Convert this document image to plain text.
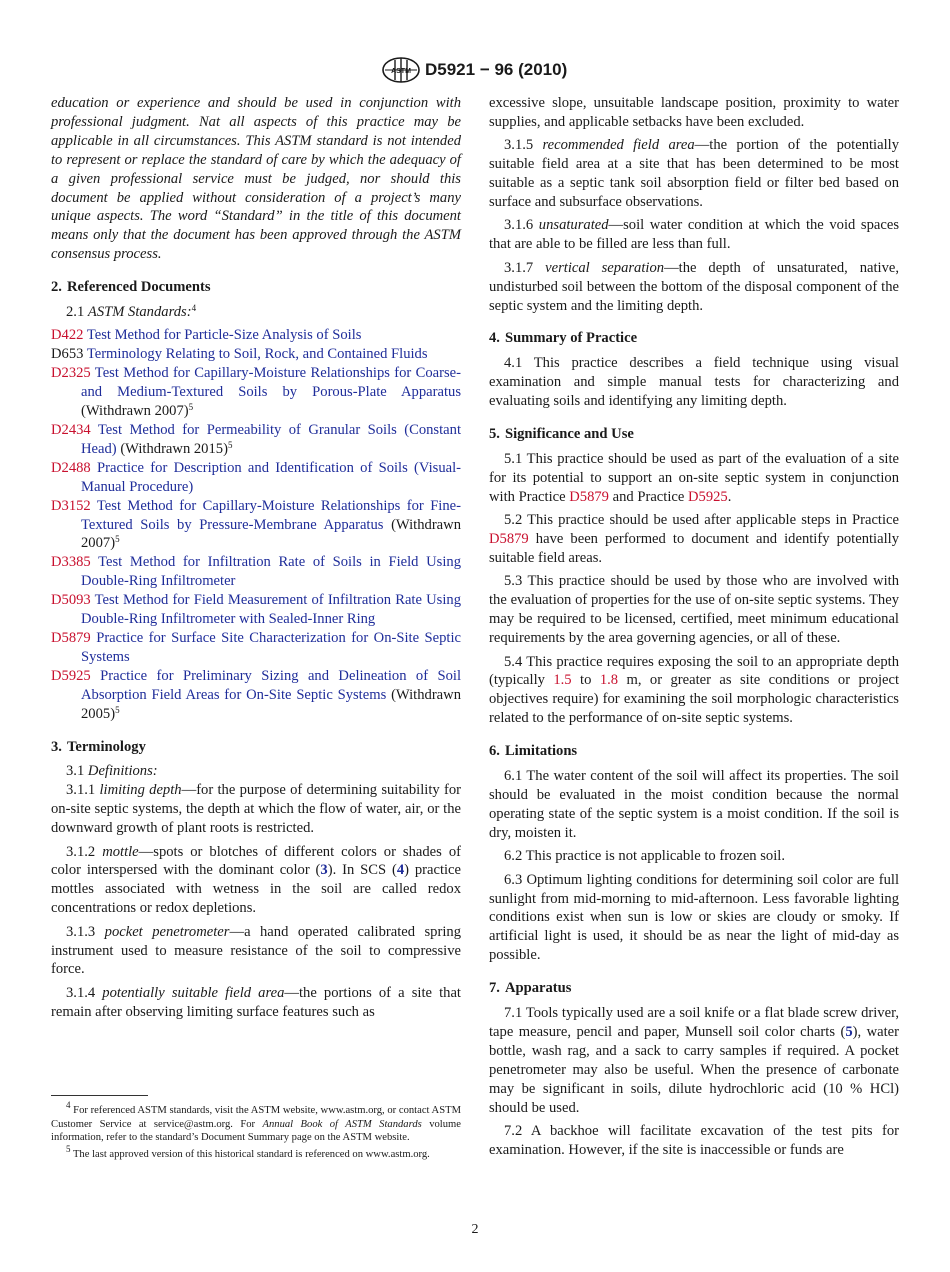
ASTM D5921 − 96 (2010)

education or experience and should be used in conjunction with professional judgment. Nat all aspects of this practice may be applicable in all circumstances. This ASTM standard is not intended to represent or replace the standard of care by which the adequacy of a given professional service must be judged, nor should this document be applied without consideration of a project’s many unique aspects. The word “Standard” in the title of this document means only that the document has been approved through the ASTM consensus process.

2. Referenced Documents

2.1 ASTM Standards:$^4$

D422 Test Method for Particle-Size Analysis of Soils
D653 Terminology Relating to Soil, Rock, and Contained Fluids
D2325 Test Method for Capillary-Moisture Relationships for Coarse- and Medium-Textured Soils by Porous-Plate Apparatus (Withdrawn 2007)$^5$
D2434 Test Method for Permeability of Granular Soils (Constant Head) (Withdrawn 2015)$^5$
D2488 Practice for Description and Identification of Soils (Visual-Manual Procedure)
D3152 Test Method for Capillary-Moisture Relationships for Fine-Textured Soils by Pressure-Membrane Apparatus (Withdrawn 2007)$^5$
D3385 Test Method for Infiltration Rate of Soils in Field Using Double-Ring Infiltrometer
D5093 Test Method for Field Measurement of Infiltration Rate Using Double-Ring Infiltrometer with Sealed-Inner Ring
D5879 Practice for Surface Site Characterization for On-Site Septic Systems
D5925 Practice for Preliminary Sizing and Delineation of Soil Absorption Field Areas for On-Site Septic Systems (Withdrawn 2005)$^5$
3. Terminology

3.1 Definitions:

3.1.1 limiting depth—for the purpose of determining suitability for on-site septic systems, the depth at which the flow of water, air, or the downward growth of plant roots is restricted.

3.1.2 mottle—spots or blotches of different colors or shades of color interspersed with the dominant color (3). In SCS (4) practice mottles associated with wetness in the soil are called redox concentrations or redox depletions.

3.1.3 pocket penetrometer—a hand operated calibrated spring instrument used to measure resistance of the soil to compressive force.

3.1.4 potentially suitable field area—the portions of a site that remain after observing limiting surface features such as

excessive slope, unsuitable landscape position, proximity to water supplies, and applicable setbacks have been excluded.

3.1.5 recommended field area—the portion of the potentially suitable field area at a site that has been determined to be most suitable as a septic tank soil absorption field or filter bed based on surface and subsurface observations.

3.1.6 unsaturated—soil water condition at which the void spaces that are able to be filled are less than full.

3.1.7 vertical separation—the depth of unsaturated, native, undisturbed soil between the bottom of the disposal component of the septic system and the limiting depth.

4. Summary of Practice

4.1 This practice describes a field technique using visual examination and simple manual tests for characterizing and evaluating soils and identifying any limiting depth.

5. Significance and Use

5.1 This practice should be used as part of the evaluation of a site for its potential to support an on-site septic system in conjunction with Practice D5879 and Practice D5925.

5.2 This practice should be used after applicable steps in Practice D5879 have been performed to document and identify potentially suitable field areas.

5.3 This practice should be used by those who are involved with the evaluation of properties for the use of on-site septic systems. They may be required to be licensed, certified, meet minimum educational requirements by the area governing agencies, or all of these.

5.4 This practice requires exposing the soil to an appropriate depth (typically 1.5 to 1.8 m, or greater as site conditions or project objectives require) for examining the soil morphologic characteristics related to the performance of on-site septic systems.

6. Limitations

6.1 The water content of the soil will affect its properties. The soil should be evaluated in the moist condition because the normal operating state of the septic system is a moist condition. If the soil is dry, moisten it.

6.2 This practice is not applicable to frozen soil.

6.3 Optimum lighting conditions for determining soil color are full sunlight from mid-morning to mid-afternoon. Less favorable lighting conditions exist when sun is low or skies are cloudy or smoky. If artificial light is used, it should be as near the light of mid-day as possible.

7. Apparatus

7.1 Tools typically used are a soil knife or a flat blade screw driver, tape measure, pencil and paper, Munsell soil color charts (5), water bottle, wash rag, and a sack to carry samples if required. A pocket penetrometer may also be useful. When the presence of carbonate may be significant in soils, dilute hydrochloric acid (10 % HCl) should be used.

7.2 A backhoe will facilitate excavation of the test pits for examination. However, if the site is inaccessible or funds are

$^4$ For referenced ASTM standards, visit the ASTM website, www.astm.org, or contact ASTM Customer Service at service@astm.org. For Annual Book of ASTM Standards volume information, refer to the standard’s Document Summary page on the ASTM website.

$^5$ The last approved version of this historical standard is referenced on www.astm.org.

2
